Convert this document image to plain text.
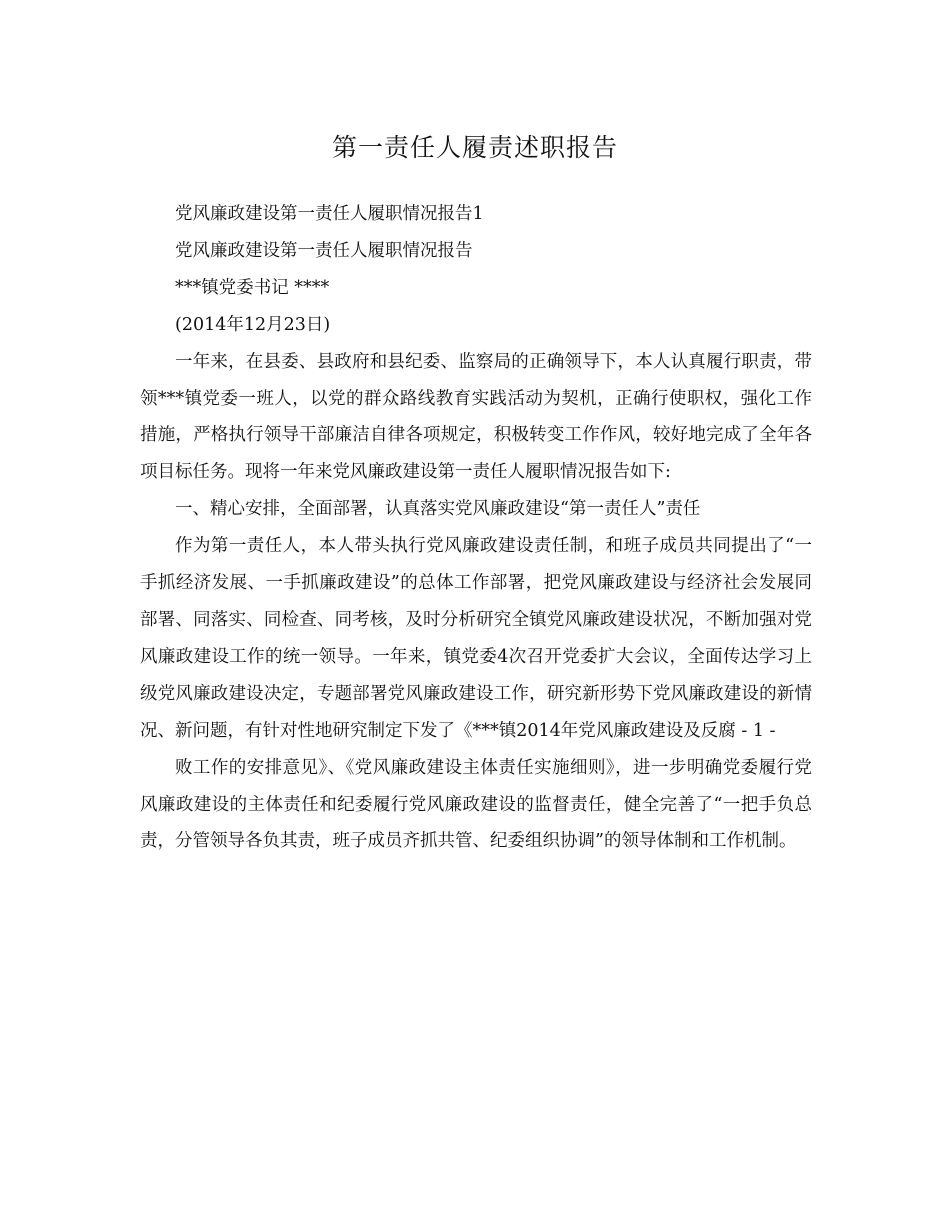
第一责任人履责述职报告

党风廉政建设第一责任人履职情况报告1

党风廉政建设第一责任人履职情况报告

***镇党委书记 ****

(2014年12月23日)

一年来，在县委、县政府和县纪委、监察局的正确领导下，本人认真履行职责，带领***镇党委一班人，以党的群众路线教育实践活动为契机，正确行使职权，强化工作措施，严格执行领导干部廉洁自律各项规定，积极转变工作作风，较好地完成了全年各项目标任务。现将一年来党风廉政建设第一责任人履职情况报告如下:

一、精心安排，全面部署，认真落实党风廉政建设“第一责任人”责任

作为第一责任人，本人带头执行党风廉政建设责任制，和班子成员共同提出了“一手抓经济发展、一手抓廉政建设”的总体工作部署，把党风廉政建设与经济社会发展同部署、同落实、同检查、同考核，及时分析研究全镇党风廉政建设状况，不断加强对党风廉政建设工作的统一领导。一年来，镇党委4次召开党委扩大会议，全面传达学习上级党风廉政建设决定，专题部署党风廉政建设工作，研究新形势下党风廉政建设的新情况、新问题，有针对性地研究制定下发了《***镇2014年党风廉政建设及反腐 - 1 -

败工作的安排意见》、《党风廉政建设主体责任实施细则》，进一步明确党委履行党风廉政建设的主体责任和纪委履行党风廉政建设的监督责任，健全完善了“一把手负总责，分管领导各负其责，班子成员齐抓共管、纪委组织协调”的领导体制和工作机制。
